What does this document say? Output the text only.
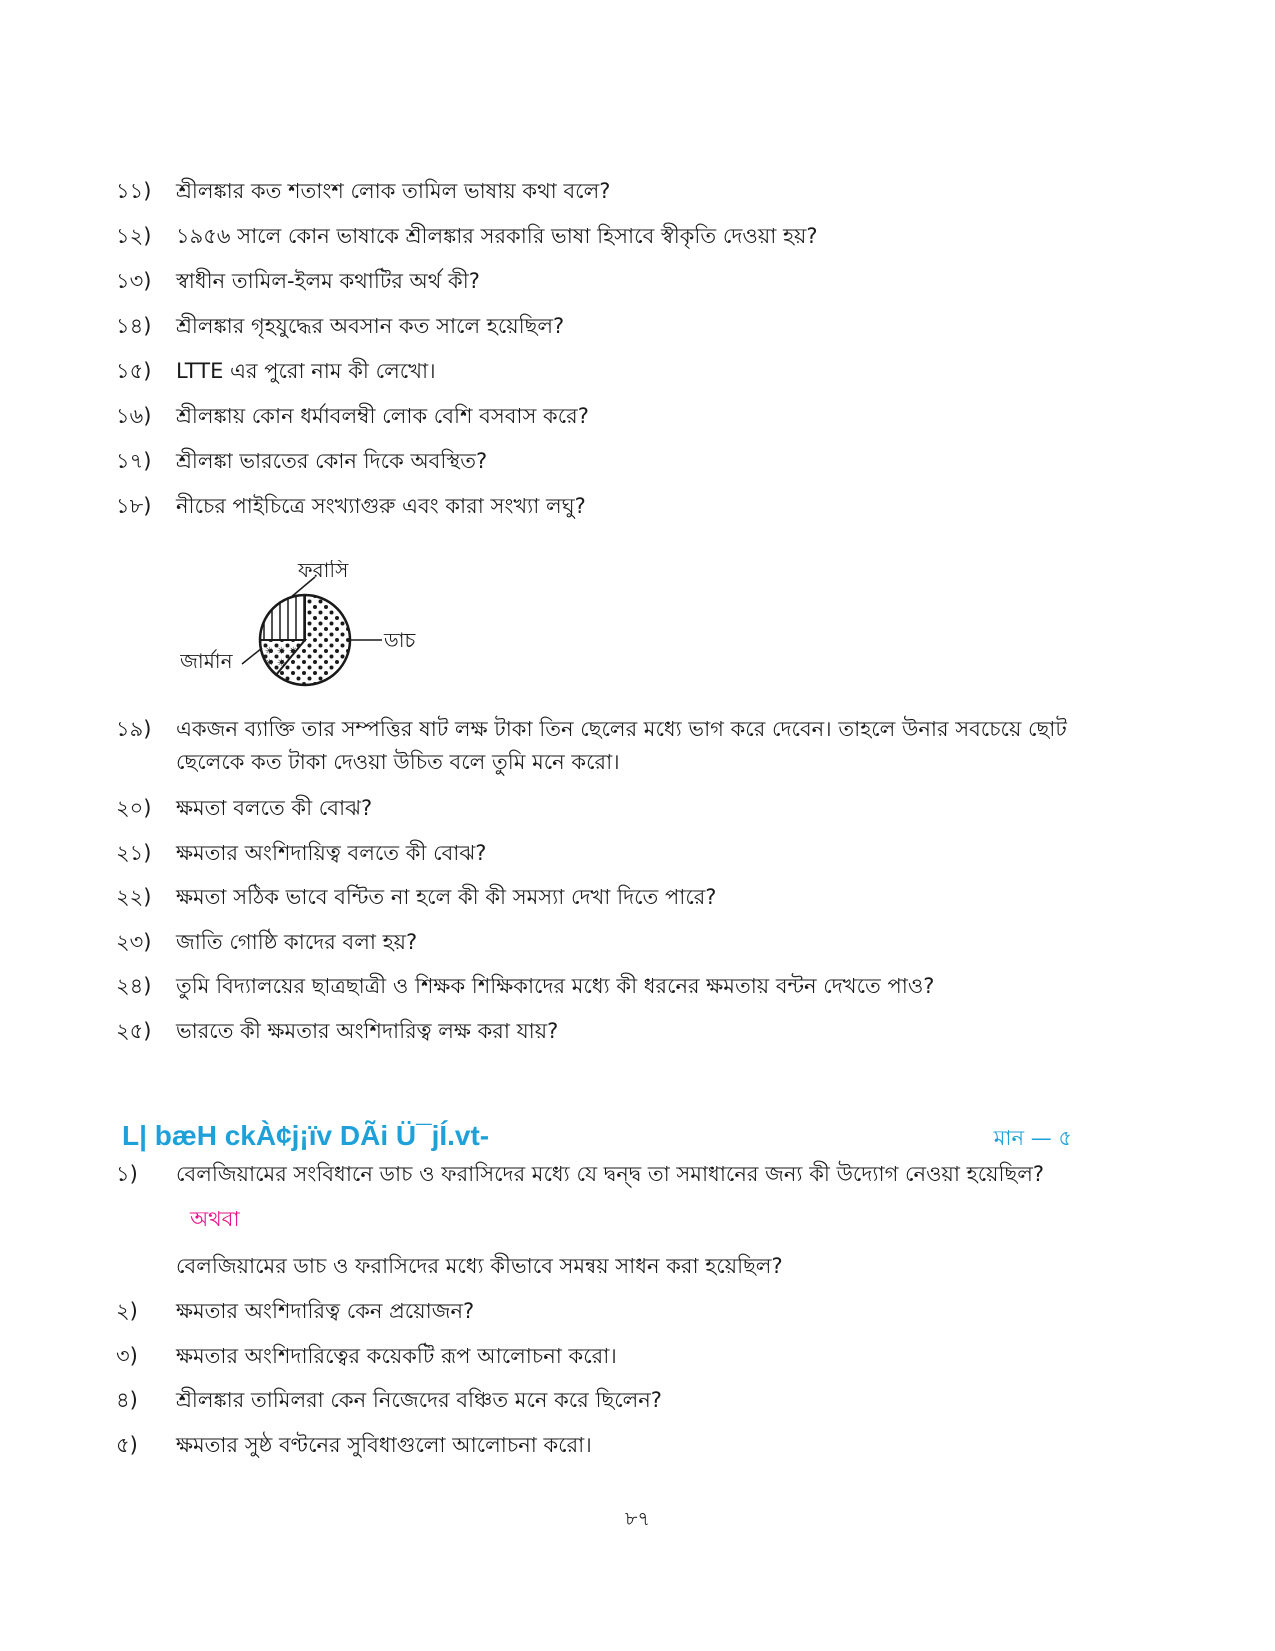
১১)	শ্রীলঙ্কার কত শতাংশ লোক তামিল ভাষায় কথা বলে?
১২)	১৯৫৬ সালে কোন ভাষাকে শ্রীলঙ্কার সরকারি ভাষা হিসাবে স্বীকৃতি দেওয়া হয়?
১৩)	স্বাধীন তামিল-ইলম কথাটির অর্থ কী?
১৪)	শ্রীলঙ্কার গৃহযুদ্ধের অবসান কত সালে হয়েছিল?
১৫)	LTTE এর পুরো নাম কী লেখো।
১৬)	শ্রীলঙ্কায় কোন ধর্মাবলম্বী লোক বেশি বসবাস করে?
১৭)	শ্রীলঙ্কা ভারতের কোন দিকে অবস্থিত?
১৮)	নীচের পাইচিত্রে সংখ্যাগুরু এবং কারা সংখ্যা লঘু?
ফরাসি
ডাচ
জার্মান
১৯)	একজন ব্যাক্তি তার সম্পত্তির ষাট লক্ষ টাকা তিন ছেলের মধ্যে ভাগ করে দেবেন। তাহলে উনার সবচেয়ে ছোট ছেলেকে কত টাকা দেওয়া উচিত বলে তুমি মনে করো।
২০)	ক্ষমতা বলতে কী বোঝ?
২১)	ক্ষমতার অংশিদায়িত্ব বলতে কী বোঝ?
২২)	ক্ষমতা সঠিক ভাবে বন্টিত না হলে কী কী সমস্যা দেখা দিতে পারে?
২৩)	জাতি গোষ্ঠি কাদের বলা হয়?
২৪)	তুমি বিদ্যালয়ের ছাত্রছাত্রী ও শিক্ষক শিক্ষিকাদের মধ্যে কী ধরনের ক্ষমতায় বন্টন দেখতে পাও?
২৫)	ভারতে কী ক্ষমতার অংশিদারিত্ব লক্ষ করা যায়?
L| bæH ckÀ¢j¡ïv DÃi Ü¯jÍ.vt-	মান — ৫
১)	বেলজিয়ামের সংবিধানে ডাচ ও ফরাসিদের মধ্যে যে দ্বন্দ্ব তা সমাধানের জন্য কী উদ্যোগ নেওয়া হয়েছিল?
অথবা
বেলজিয়ামের ডাচ ও ফরাসিদের মধ্যে কীভাবে সমন্বয় সাধন করা হয়েছিল?
২)	ক্ষমতার অংশিদারিত্ব কেন প্রয়োজন?
৩)	ক্ষমতার অংশিদারিত্বের কয়েকটি রূপ আলোচনা করো।
৪)	শ্রীলঙ্কার তামিলরা কেন নিজেদের বঞ্চিত মনে করে ছিলেন?
৫)	ক্ষমতার সুষ্ঠ বণ্টনের সুবিধাগুলো আলোচনা করো।
৮৭
